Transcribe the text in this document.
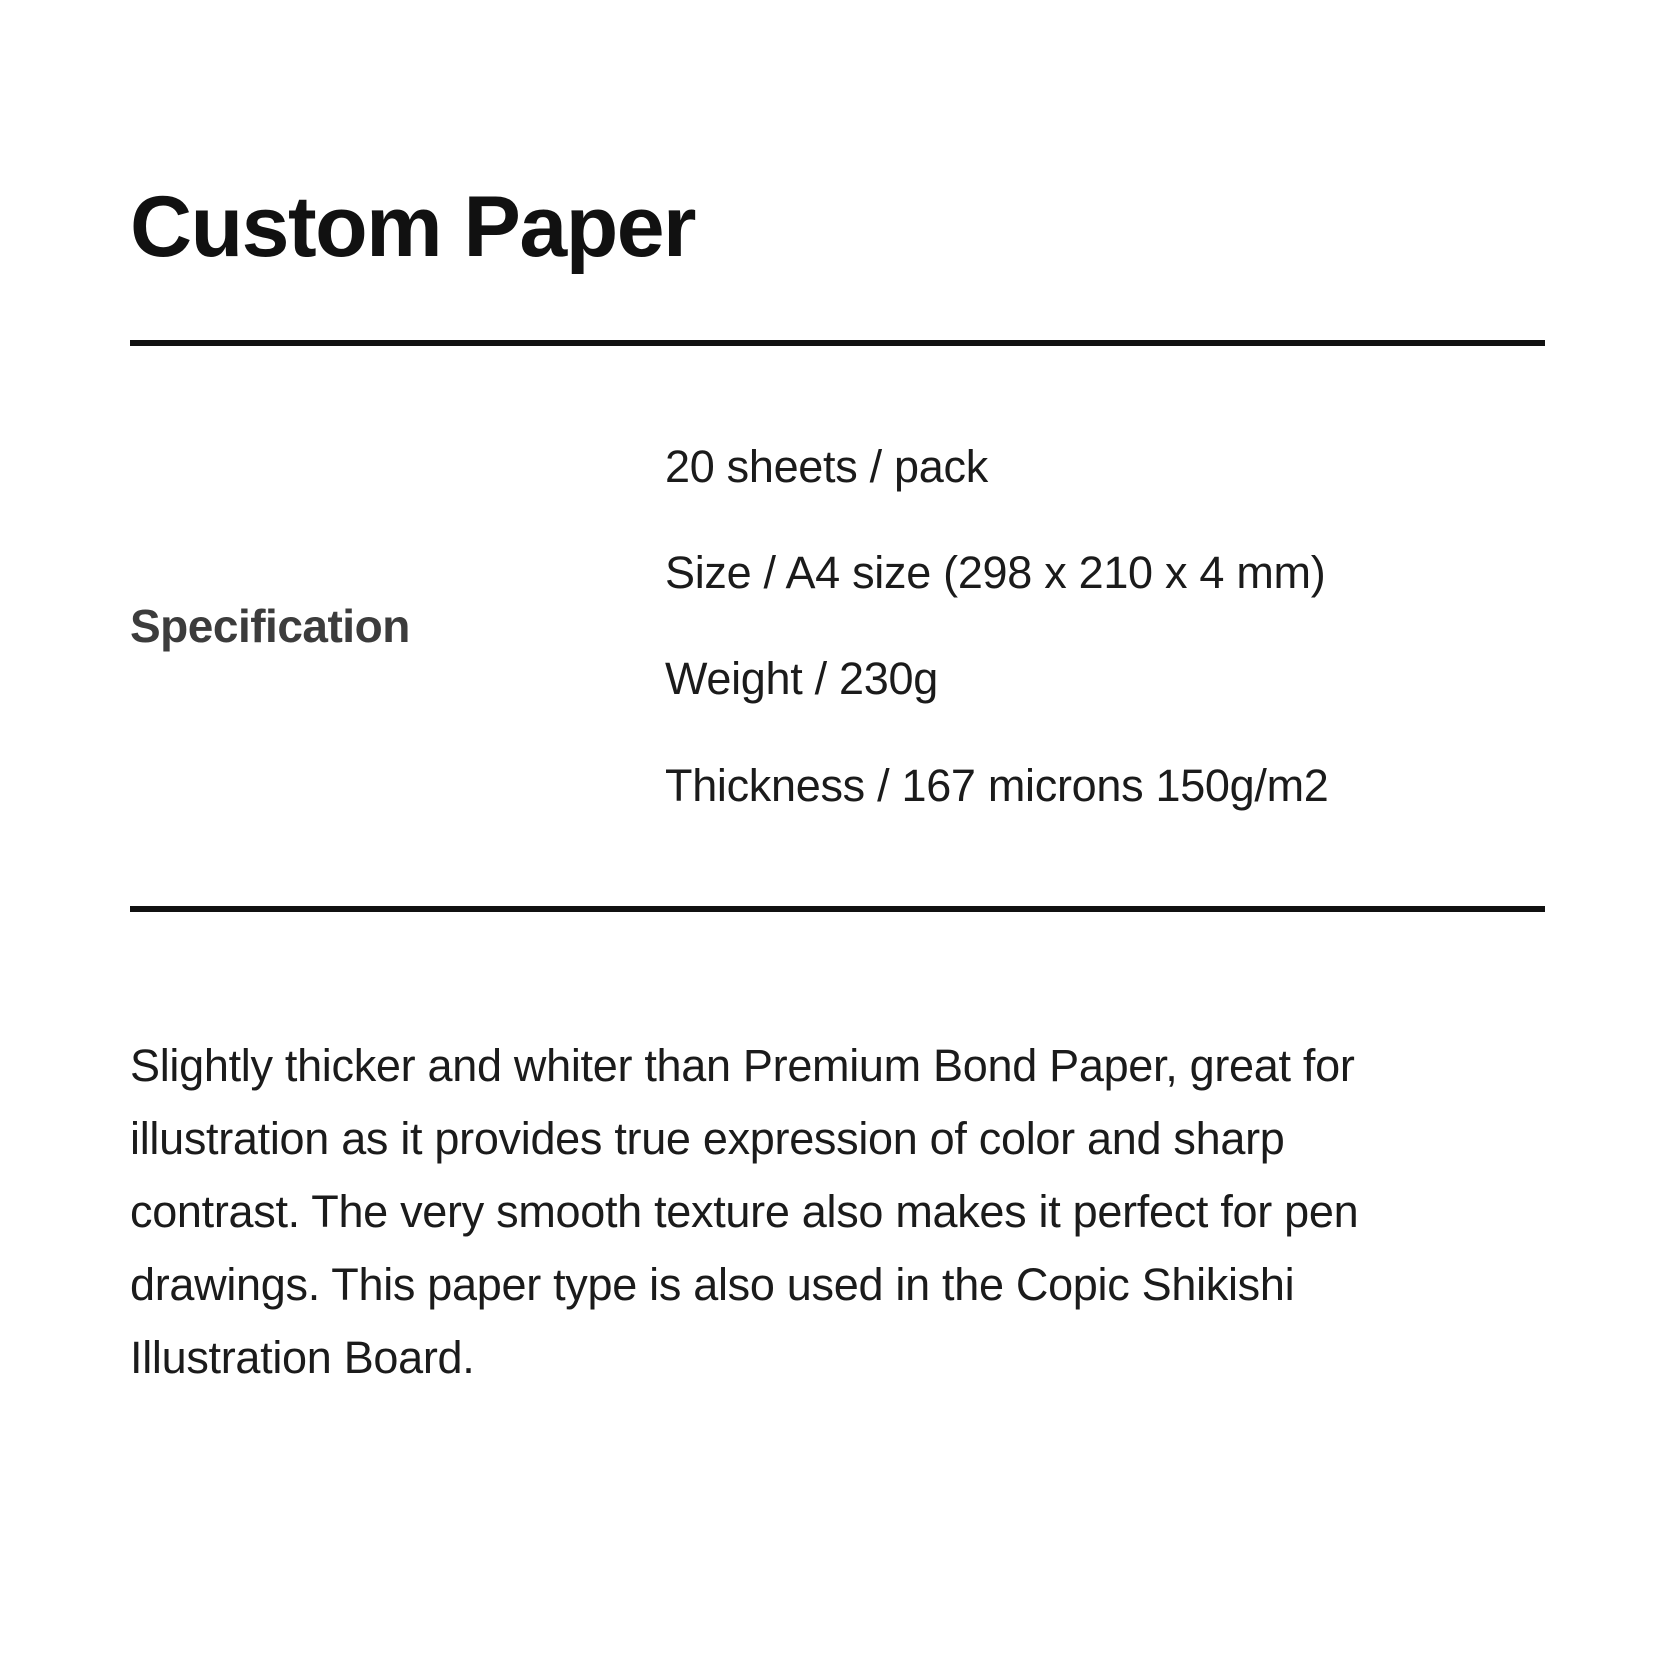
Custom Paper
Specification
20 sheets / pack
Size / A4 size (298 x 210 x 4 mm)
Weight / 230g
Thickness / 167 microns 150g/m2

Slightly thicker and whiter than Premium Bond Paper, great for illustration as it provides true expression of color and sharp contrast. The very smooth texture also makes it perfect for pen drawings. This paper type is also used in the Copic Shikishi Illustration Board.
